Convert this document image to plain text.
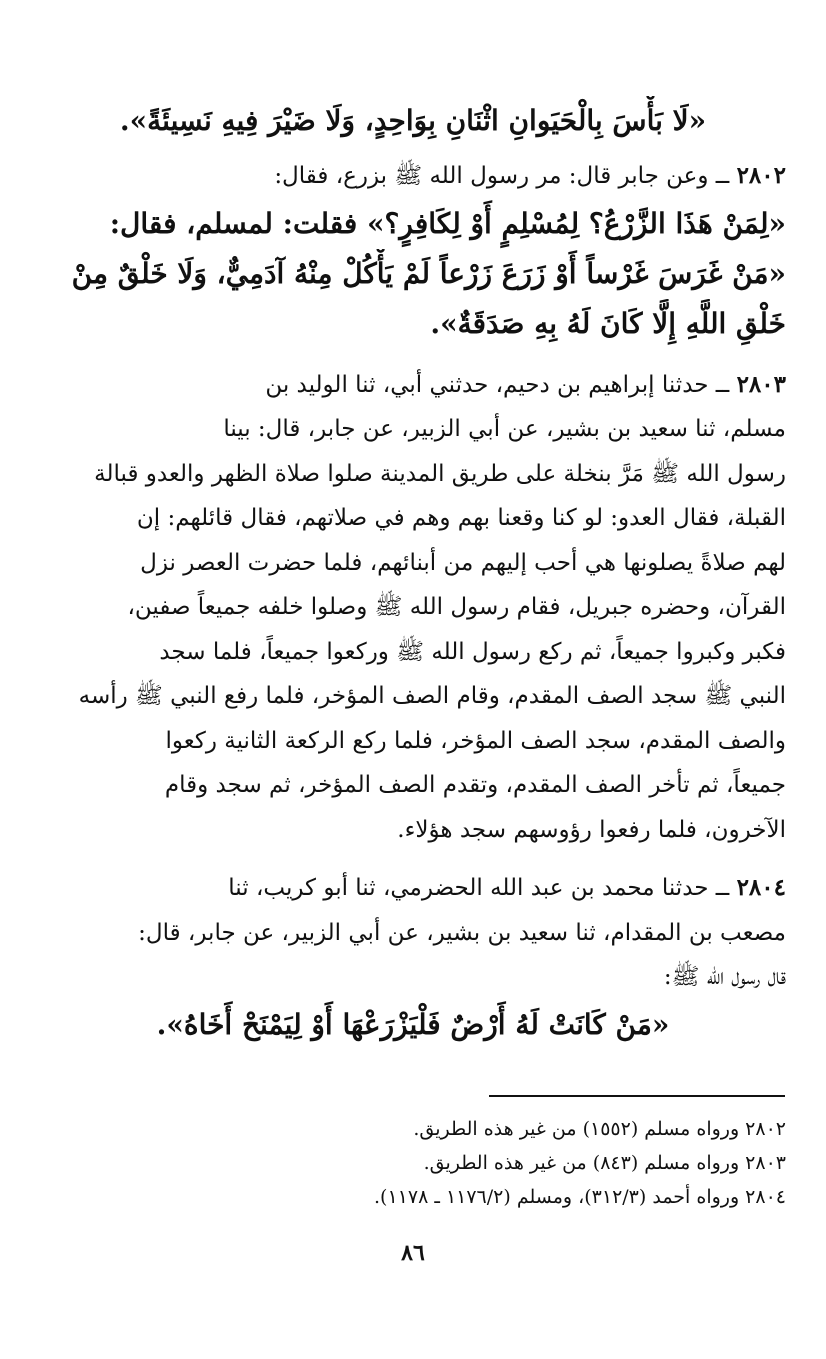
«لَا بَأْسَ بِالْحَيَوانِ اثْنَانِ بِوَاحِدٍ، وَلَا ضَيْرَ فِيهِ نَسِيئَةً».
٢٨٠٢ ــ وعن جابر قال: مر رسول الله ﷺ بزرع، فقال:
«لِمَنْ هَذَا الزَّرْعُ؟ لِمُسْلِمٍ أَوْ لِكَافِرٍ؟» فقلت: لمسلم، فقال:
«مَنْ غَرَسَ غَرْساً أَوْ زَرَعَ زَرْعاً لَمْ يَأْكُلْ مِنْهُ آدَمِيٌّ، وَلَا خَلْقٌ مِنْ
خَلْقِ اللَّهِ إِلَّا كَانَ لَهُ بِهِ صَدَقَةٌ».
٢٨٠٣ ــ حدثنا إبراهيم بن دحيم، حدثني أبي، ثنا الوليد بن
مسلم، ثنا سعيد بن بشير، عن أبي الزبير، عن جابر، قال: بينا
رسول الله ﷺ مَرَّ بنخلة على طريق المدينة صلوا صلاة الظهر والعدو قبالة
القبلة، فقال العدو: لو كنا وقعنا بهم وهم في صلاتهم، فقال قائلهم: إن
لهم صلاةً يصلونها هي أحب إليهم من أبنائهم، فلما حضرت العصر نزل
القرآن، وحضره جبريل، فقام رسول الله ﷺ وصلوا خلفه جميعاً صفين،
فكبر وكبروا جميعاً، ثم ركع رسول الله ﷺ وركعوا جميعاً، فلما سجد
النبي ﷺ سجد الصف المقدم، وقام الصف المؤخر، فلما رفع النبي ﷺ رأسه
والصف المقدم، سجد الصف المؤخر، فلما ركع الركعة الثانية ركعوا
جميعاً، ثم تأخر الصف المقدم، وتقدم الصف المؤخر، ثم سجد وقام
الآخرون، فلما رفعوا رؤوسهم سجد هؤلاء.
٢٨٠٤ ــ حدثنا محمد بن عبد الله الحضرمي، ثنا أبو كريب، ثنا
مصعب بن المقدام، ثنا سعيد بن بشير، عن أبي الزبير، عن جابر، قال:
قال رسول الله ﷺ:
«مَنْ كَانَتْ لَهُ أَرْضٌ فَلْيَزْرَعْهَا أَوْ لِيَمْنَحْ أَخَاهُ».
٢٨٠٢ ورواه مسلم (١٥٥٢) من غير هذه الطريق.
٢٨٠٣ ورواه مسلم (٨٤٣) من غير هذه الطريق.
٢٨٠٤ ورواه أحمد (٣١٢/٣)، ومسلم (١١٧٦/٢ ـ ١١٧٨).
٨٦
